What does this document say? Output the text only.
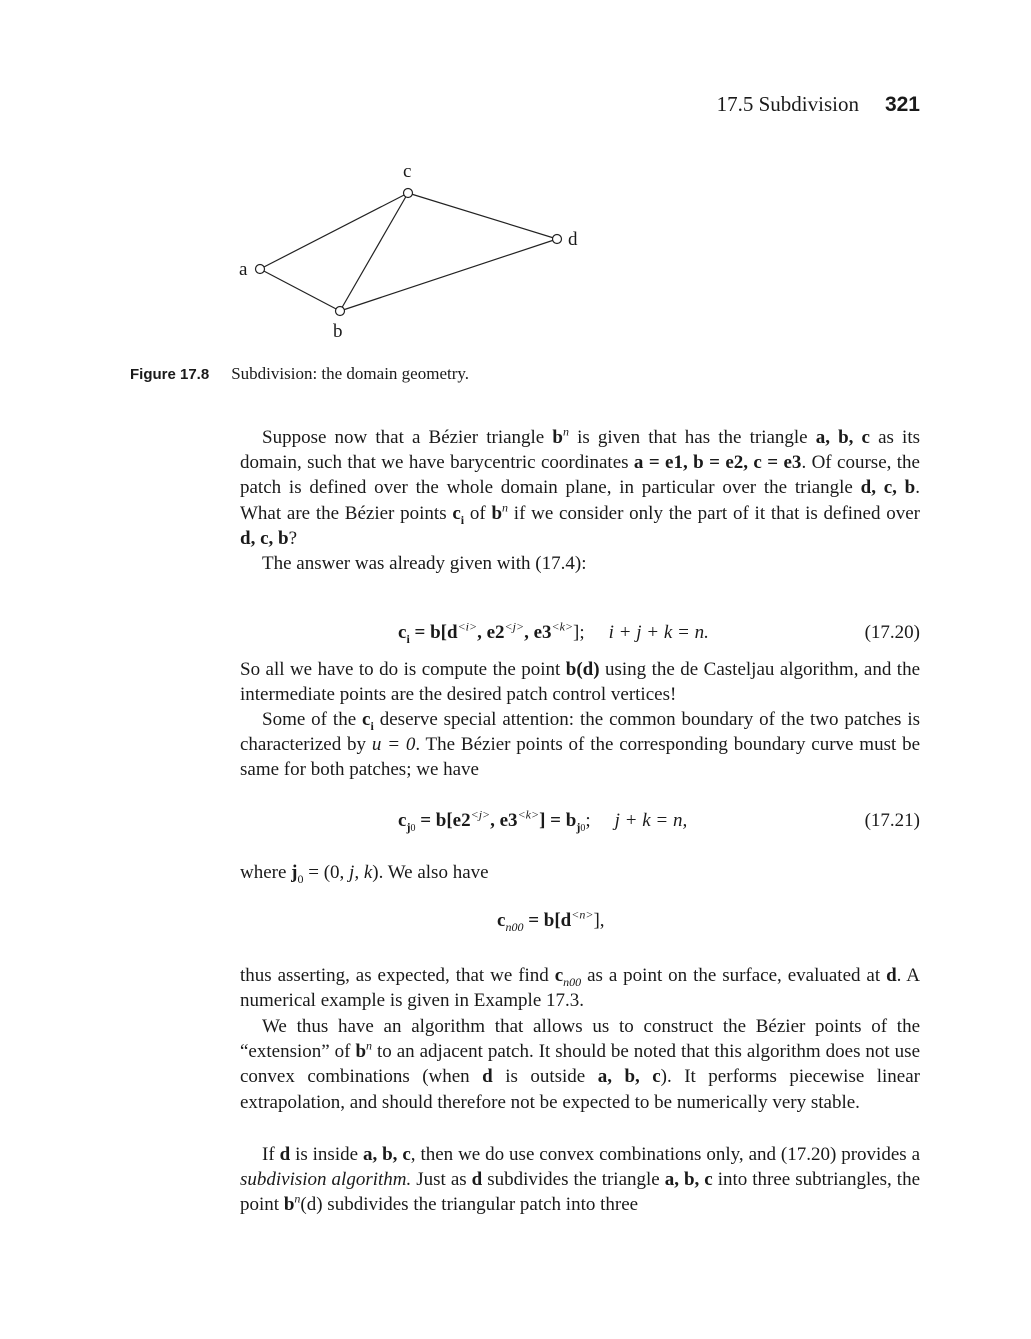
17.5 Subdivision 321
a
b
c
d
Figure 17.8 Subdivision: the domain geometry.
Suppose now that a Bézier triangle $b^n$ is given that has the triangle a, b, c as its domain, such that we have barycentric coordinates a = e1, b = e2, c = e3. Of course, the patch is defined over the whole domain plane, in particular over the triangle d, c, b. What are the Bézier points $c_i$ of $b^n$ if we consider only the part of it that is defined over d, c, b?
The answer was already given with (17.4):
$c_i = b[d^{<i>}$, $e2^{<j>}$, $e3^{<k>}$]; i + j + k = n.	(17.20)
So all we have to do is compute the point b(d) using the de Casteljau algorithm, and the intermediate points are the desired patch control vertices!
Some of the $c_i$ deserve special attention: the common boundary of the two patches is characterized by u = 0. The Bézier points of the corresponding boundary curve must be same for both patches; we have
$c_{j0} = b[e2^{<j>}$, $e3^{<k>}] = b_{j0}$; j + k = n,	(17.21)
where $j_0 = (0$, j, k). We also have
$c_{n00} = b[d^{<n>}]$,
thus asserting, as expected, that we find $c_{n00}$ as a point on the surface, evaluated at d. A numerical example is given in Example 17.3.
We thus have an algorithm that allows us to construct the Bézier points of the “extension” of $b^n$ to an adjacent patch. It should be noted that this algorithm does not use convex combinations (when d is outside a, b, c). It performs piecewise linear extrapolation, and should therefore not be expected to be numerically very stable.
If d is inside a, b, c, then we do use convex combinations only, and (17.20) provides a subdivision algorithm. Just as d subdivides the triangle a, b, c into three subtriangles, the point $b^n(d)$ subdivides the triangular patch into three
